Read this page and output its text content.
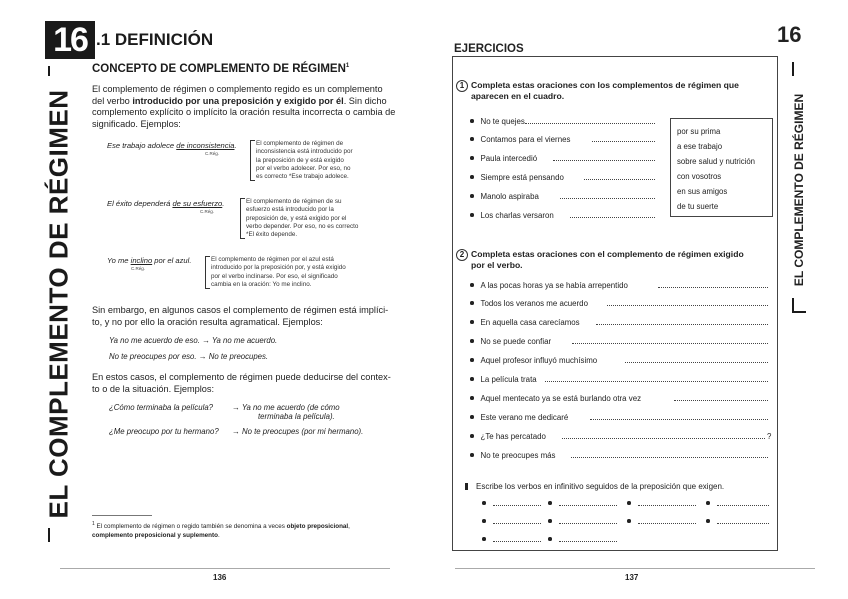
EL COMPLEMENTO DE RÉGIMEN
16 .1 DEFINICIÓN
CONCEPTO DE COMPLEMENTO DE RÉGIMEN$^1$
El complemento de régimen o complemento regido es un complemento
del verbo introducido por una preposición y exigido por él. Sin dicho
complemento explícito o implícito la oración resulta incorrecta o cambia de
significado. Ejemplos:
Ese trabajo adolece de inconsistencia.
C.Rég.
El complemento de régimen de
inconsistencia está introducido por
la preposición de y está exigido
por el verbo adolecer. Por eso, no
es correcto *Ese trabajo adolece.
El éxito dependerá de su esfuerzo.
C.Rég.
El complemento de régimen de su
esfuerzo está introducido por la
preposición de, y está exigido por el
verbo depender. Por eso, no es correcto
*El éxito depende.
Yo me inclino por el azul.
C.Rég.
El complemento de régimen por el azul está
introducido por la preposición por, y está exigido
por el verbo inclinarse. Por eso, el significado
cambia en la oración: Yo me inclino.
Sin embargo, en algunos casos el complemento de régimen está implíci-
to, y no por ello la oración resulta agramatical. Ejemplos:
Ya no me acuerdo de eso. → Ya no me acuerdo.
No te preocupes por eso. → No te preocupes.
En estos casos, el complemento de régimen puede deducirse del contex-
to o de la situación. Ejemplos:
¿Cómo terminaba la película? → Ya no me acuerdo (de cómo
terminaba la película).
¿Me preocupo por tu hermano? → No te preocupes (por mi hermano).
$^1$ El complemento de régimen o regido también se denomina a veces objeto preposicional,
complemento preposicional y suplemento.
136
16
EJERCICIOS
EL COMPLEMENTO DE RÉGIMEN
1 Completa estas oraciones con los complementos de régimen que
aparecen en el cuadro.
No te quejes
Contamos para el viernes
Paula intercedió
Siempre está pensando
Manolo aspiraba
Los charlas versaron
por su prima
a ese trabajo
sobre salud y nutrición
con vosotros
en sus amigos
de tu suerte
2 Completa estas oraciones con el complemento de régimen exigido
por el verbo.
A las pocas horas ya se había arrepentido
Todos los veranos me acuerdo
En aquella casa carecíamos
No se puede confiar
Aquel profesor influyó muchísimo
La película trata
Aquel mentecato ya se está burlando otra vez
Este verano me dedicaré
¿Te has percatado	?
No te preocupes más
Escribe los verbos en infinitivo seguidos de la preposición que exigen.
137
